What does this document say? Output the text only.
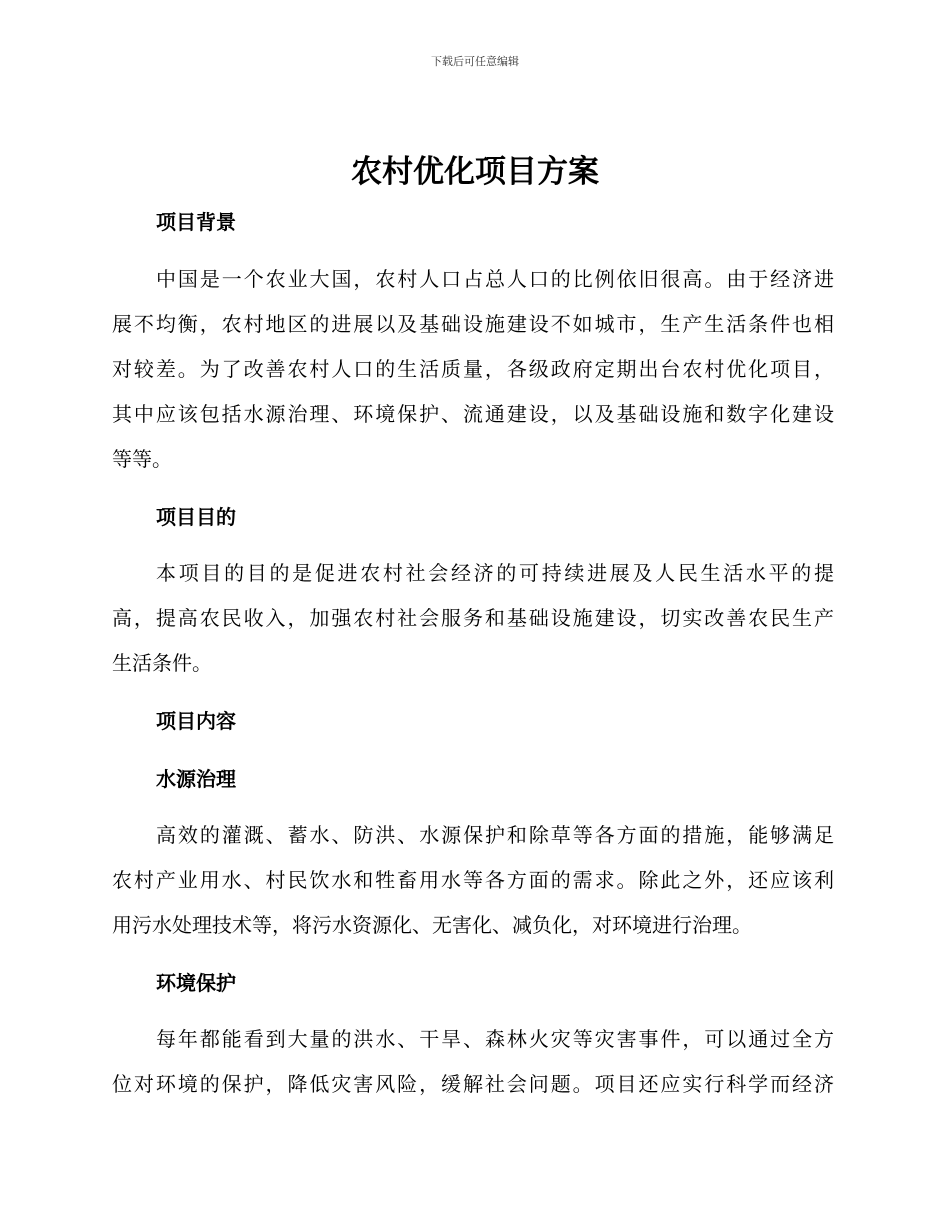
下载后可任意编辑
农村优化项目方案
项目背景
中国是一个农业大国，农村人口占总人口的比例依旧很高。由于经济进
展不均衡，农村地区的进展以及基础设施建设不如城市，生产生活条件也相
对较差。为了改善农村人口的生活质量，各级政府定期出台农村优化项目，
其中应该包括水源治理、环境保护、流通建设，以及基础设施和数字化建设
等等。
项目目的
本项目的目的是促进农村社会经济的可持续进展及人民生活水平的提
高，提高农民收入，加强农村社会服务和基础设施建设，切实改善农民生产
生活条件。
项目内容
水源治理
高效的灌溉、蓄水、防洪、水源保护和除草等各方面的措施，能够满足
农村产业用水、村民饮水和牲畜用水等各方面的需求。除此之外，还应该利
用污水处理技术等，将污水资源化、无害化、减负化，对环境进行治理。
环境保护
每年都能看到大量的洪水、干旱、森林火灾等灾害事件，可以通过全方
位对环境的保护，降低灾害风险，缓解社会问题。项目还应实行科学而经济
